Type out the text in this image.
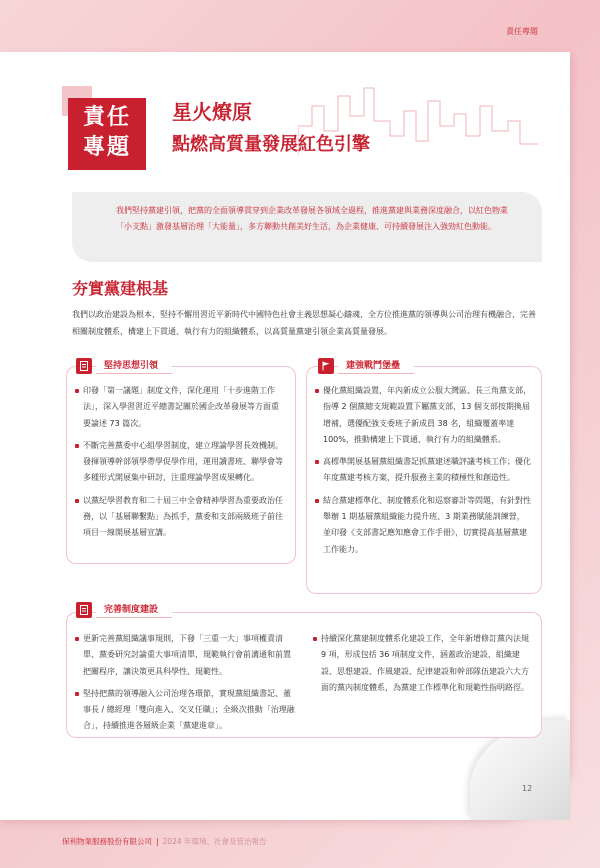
責任專題
責任
專題
星火燎原
點燃高質量發展紅色引擎
我們堅持黨建引領，把黨的全面領導貫穿到企業改革發展各領域全過程，推進黨建與業務深度融合，以紅色物業「小支點」激發基層治理「大能量」，多方聯動共創美好生活，為企業健康、可持續發展注入強勁紅色動能。
夯實黨建根基
我們以政治建設為根本，堅持不懈用習近平新時代中國特色社會主義思想凝心鑄魂，全方位推進黨的領導與公司治理有機融合，完善相關制度體系，構建上下貫通、執行有力的組織體系，以高質量黨建引領企業高質量發展。
印發「第一議題」制度文件，深化運用「十步進階工作法」，深入學習習近平總書記關於國企改革發展等方面重要論述 73 篇次。
不斷完善黨委中心組學習制度，建立理論學習長效機制。發揮領導幹部領學帶學促學作用，運用讀書班、聯學會等多種形式開展集中研討，注重理論學習成果轉化。
以黨紀學習教育和二十屆三中全會精神學習為重要政治任務，以「基層聯繫點」為抓手，黨委和支部兩級班子前往項目一線開展基層宣講。
堅持思想引領
優化黨組織設置，年內新成立公服大灣區、長三角黨支部，指導 2 個黨總支規範設置下屬黨支部，13 個支部按期換屆增補，選優配強支委班子新成員 38 名，組織覆蓋率達 100%，推動構建上下貫通、執行有力的組織體系。
高標準開展基層黨組織書記抓黨建述職評議考核工作；優化年度黨建考核方案，提升服務主業的積極性和創造性。
結合黨建標準化、制度體系化和巡察審計等問題，有針對性舉辦 1 期基層黨組織能力提升班、3 期業務賦能訓練營，並印發《支部書記應知應會工作手冊》，切實提高基層黨建工作能力。
建強戰鬥堡壘
更新完善黨組織議事規則，下發「三重一大」事項權責清單、黨委研究討論重大事項清單，規範執行會前溝通和前置把關程序，讓決策更具科學性、規範性。
堅持把黨的領導融入公司治理各環節，實現黨組織書記、董事長 / 總經理「雙向進入、交叉任職」；全級次推動「治理融合」，持續推進各層級企業「黨建進章」。
持續深化黨建制度體系化建設工作，全年新增修訂黨內法規 9 項，形成包括 36 項制度文件，涵蓋政治建設、組織建設、思想建設、作風建設、紀律建設和幹部隊伍建設六大方面的黨內制度體系，為黨建工作標準化和規範性指明路徑。
完善制度建設
12
保利物業服務股份有限公司 | 2024 年環境、社會及管治報告
